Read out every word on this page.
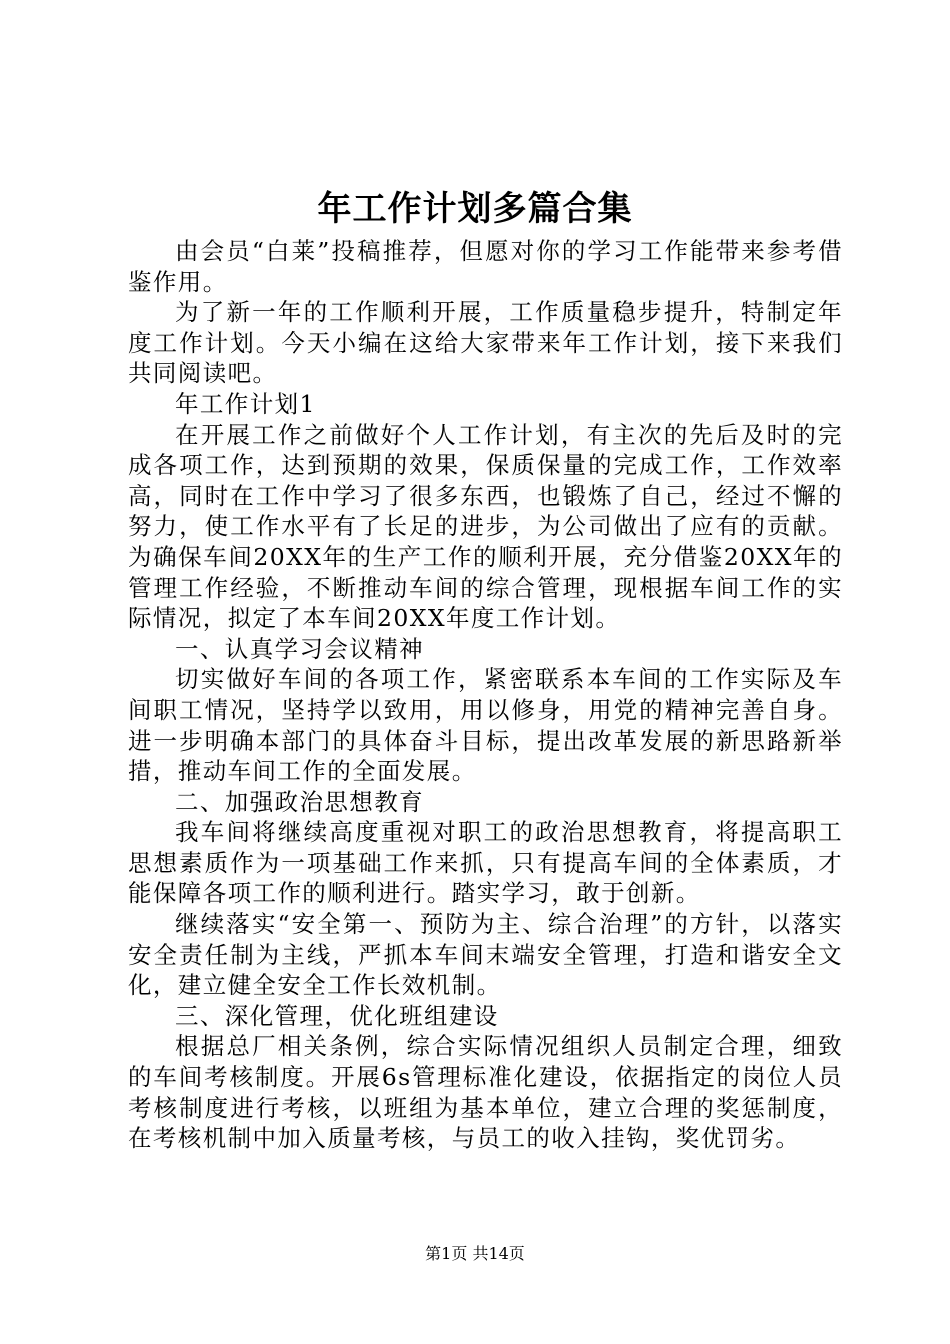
年工作计划多篇合集

由会员“白莱”投稿推荐，但愿对你的学习工作能带来参考借鉴作用。

为了新一年的工作顺利开展，工作质量稳步提升，特制定年度工作计划。今天小编在这给大家带来年工作计划，接下来我们共同阅读吧。

年工作计划1

在开展工作之前做好个人工作计划，有主次的先后及时的完成各项工作，达到预期的效果，保质保量的完成工作，工作效率高，同时在工作中学习了很多东西，也锻炼了自己，经过不懈的努力，使工作水平有了长足的进步，为公司做出了应有的贡献。为确保车间20XX年的生产工作的顺利开展，充分借鉴20XX年的管理工作经验，不断推动车间的综合管理，现根据车间工作的实际情况，拟定了本车间20XX年度工作计划。

一、认真学习会议精神

切实做好车间的各项工作，紧密联系本车间的工作实际及车间职工情况，坚持学以致用，用以修身，用党的精神完善自身。进一步明确本部门的具体奋斗目标，提出改革发展的新思路新举措，推动车间工作的全面发展。

二、加强政治思想教育

我车间将继续高度重视对职工的政治思想教育，将提高职工思想素质作为一项基础工作来抓，只有提高车间的全体素质，才能保障各项工作的顺利进行。踏实学习，敢于创新。

继续落实“安全第一、预防为主、综合治理”的方针，以落实安全责任制为主线，严抓本车间末端安全管理，打造和谐安全文化，建立健全安全工作长效机制。

三、深化管理，优化班组建设

根据总厂相关条例，综合实际情况组织人员制定合理，细致的车间考核制度。开展6s管理标准化建设，依据指定的岗位人员考核制度进行考核，以班组为基本单位，建立合理的奖惩制度，在考核机制中加入质量考核，与员工的收入挂钩，奖优罚劣。

第1页 共14页
